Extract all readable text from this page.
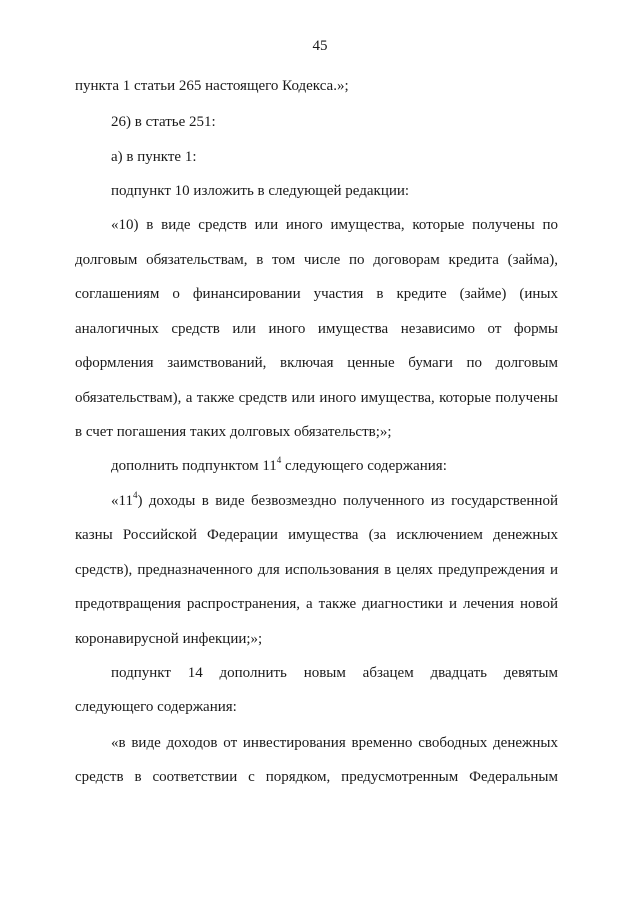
45
пункта 1 статьи 265 настоящего Кодекса.»;
26) в статье 251:
а) в пункте 1:
подпункт 10 изложить в следующей редакции:
«10) в виде средств или иного имущества, которые получены по
долговым обязательствам, в том числе по договорам кредита (займа),
соглашениям о финансировании участия в кредите (займе) (иных
аналогичных средств или иного имущества независимо от формы
оформления заимствований, включая ценные бумаги по долговым
обязательствам), а также средств или иного имущества, которые получены
в счет погашения таких долговых обязательств;»;
дополнить подпунктом $11^4$ следующего содержания:
«$11^4$) доходы в виде безвозмездно полученного из государственной
казны Российской Федерации имущества (за исключением денежных
средств), предназначенного для использования в целях предупреждения и
предотвращения распространения, а также диагностики и лечения новой
коронавирусной инфекции;»;
подпункт 14 дополнить новым абзацем двадцать девятым
следующего содержания:
«в виде доходов от инвестирования временно свободных денежных
средств в соответствии с порядком, предусмотренным Федеральным
